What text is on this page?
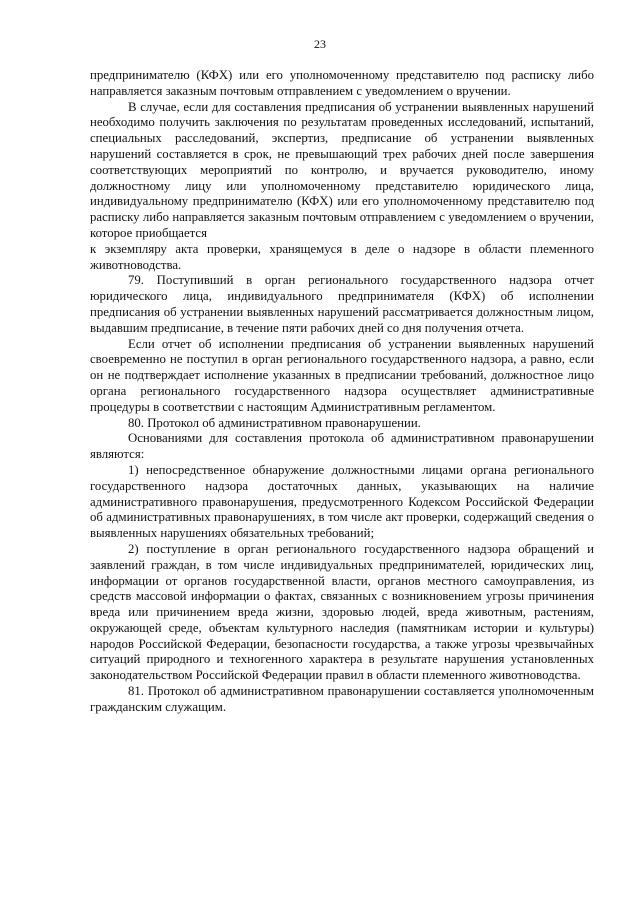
23

предпринимателю (КФХ) или его уполномоченному представителю под расписку либо направляется заказным почтовым отправлением с уведомлением о вручении.

В случае, если для составления предписания об устранении выявленных нарушений необходимо получить заключения по результатам проведенных исследований, испытаний, специальных расследований, экспертиз, предписание об устранении выявленных нарушений составляется в срок, не превышающий трех рабочих дней после завершения соответствующих мероприятий по контролю, и вручается руководителю, иному должностному лицу или уполномоченному представителю юридического лица, индивидуальному предпринимателю (КФХ) или его уполномоченному представителю под расписку либо направляется заказным почтовым отправлением с уведомлением о вручении, которое приобщается

к экземпляру акта проверки, хранящемуся в деле о надзоре в области племенного животноводства.

79. Поступивший в орган регионального государственного надзора отчет юридического лица, индивидуального предпринимателя (КФХ) об исполнении предписания об устранении выявленных нарушений рассматривается должностным лицом, выдавшим предписание, в течение пяти рабочих дней со дня получения отчета.

Если отчет об исполнении предписания об устранении выявленных нарушений своевременно не поступил в орган регионального государственного надзора, а равно, если он не подтверждает исполнение указанных в предписании требований, должностное лицо органа регионального государственного надзора осуществляет административные процедуры в соответствии с настоящим Административным регламентом.

80. Протокол об административном правонарушении.

Основаниями для составления протокола об административном правонарушении являются:

1) непосредственное обнаружение должностными лицами органа регионального государственного надзора достаточных данных, указывающих на наличие административного правонарушения, предусмотренного Кодексом Российской Федерации об административных правонарушениях, в том числе акт проверки, содержащий сведения о выявленных нарушениях обязательных требований;

2) поступление в орган регионального государственного надзора обращений и заявлений граждан, в том числе индивидуальных предпринимателей, юридических лиц, информации от органов государственной власти, органов местного самоуправления, из средств массовой информации о фактах, связанных с возникновением угрозы причинения вреда или причинением вреда жизни, здоровью людей, вреда животным, растениям, окружающей среде, объектам культурного наследия (памятникам истории и культуры) народов Российской Федерации, безопасности государства, а также угрозы чрезвычайных ситуаций природного и техногенного характера в результате нарушения установленных законодательством Российской Федерации правил в области племенного животноводства.

81. Протокол об административном правонарушении составляется уполномоченным гражданским служащим.
